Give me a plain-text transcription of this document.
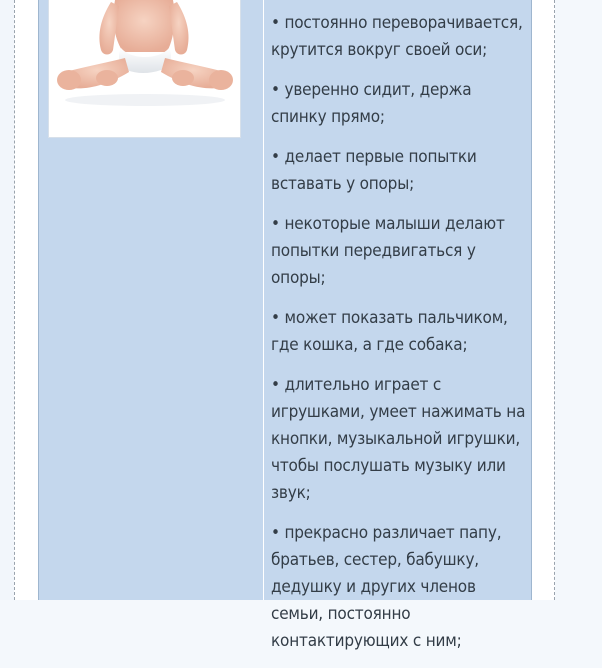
• постоянно переворачивается, крутится вокруг своей оси;

• уверенно сидит, держа спинку прямо;

• делает первые попытки вставать у опоры;

• некоторые малыши делают попытки передвигаться у опоры;

• может показать пальчиком, где кошка, а где собака;

• длительно играет с игрушками, умеет нажимать на кнопки, музыкальной игрушки, чтобы послушать музыку или звук;

• прекрасно различает папу, братьев, сестер, бабушку, дедушку и других членов семьи, постоянно контактирующих с ним;
